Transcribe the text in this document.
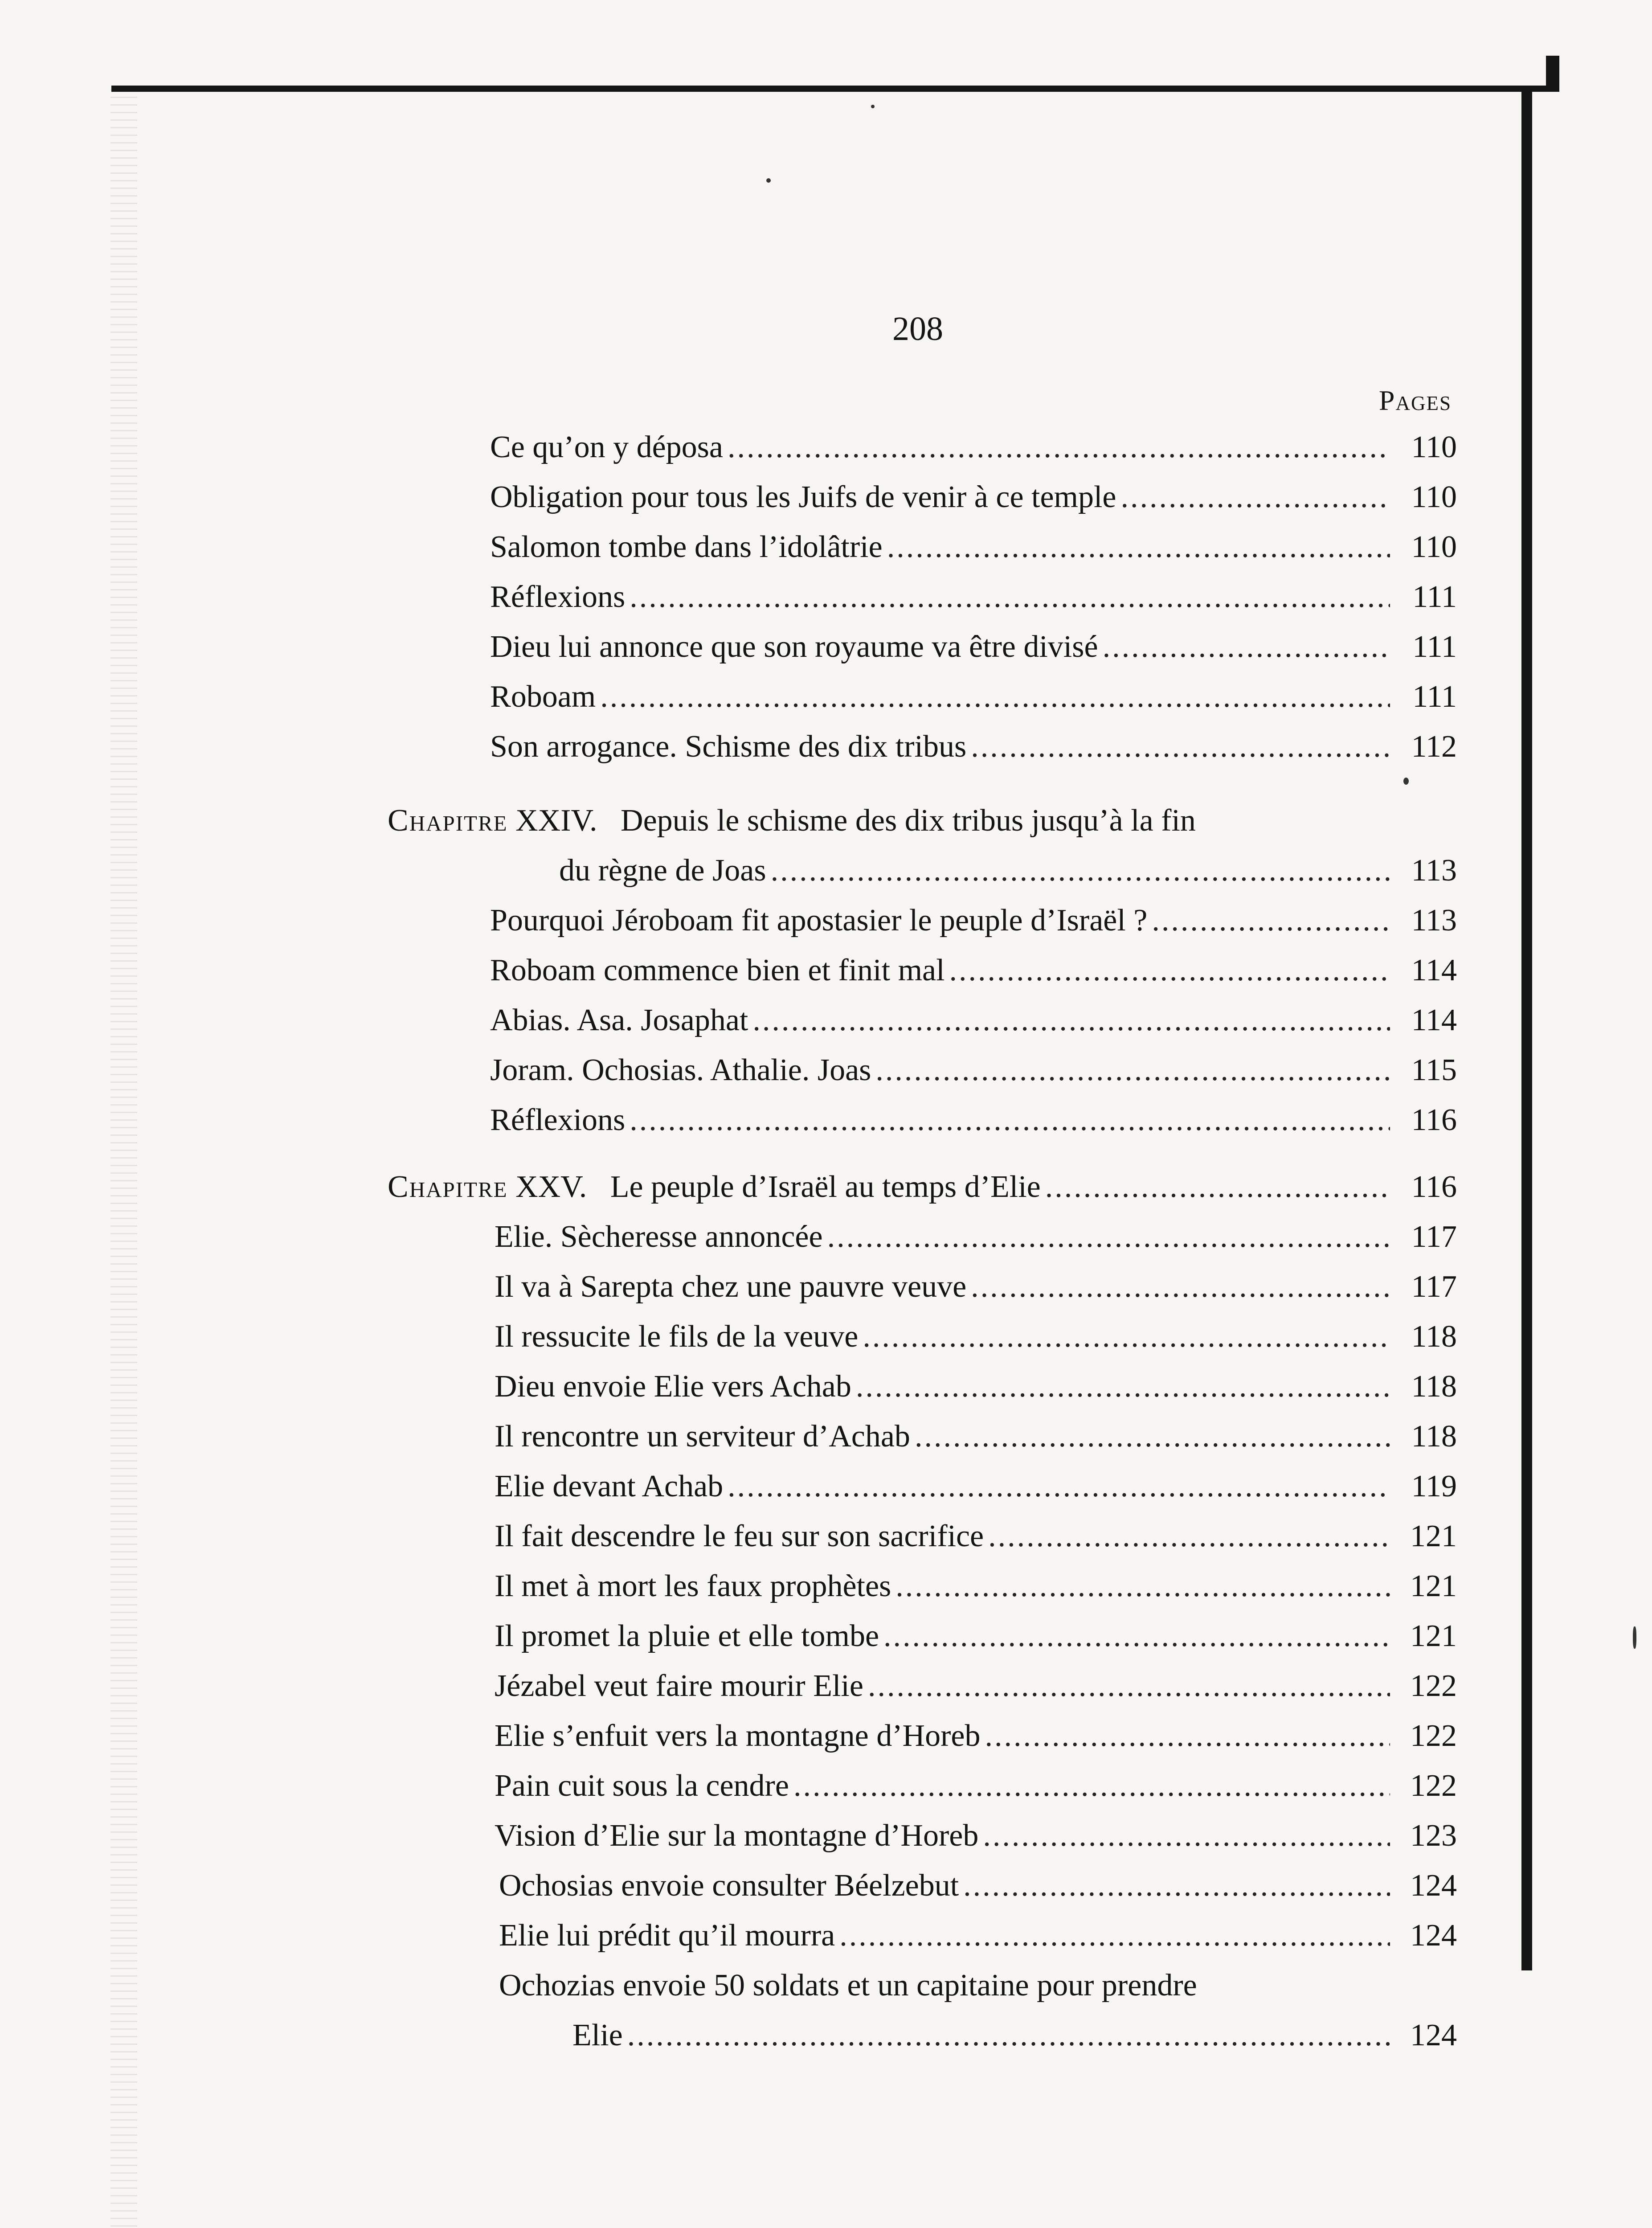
208
Pages
Ce qu’on y déposa .....	110
Obligation pour tous les Juifs de venir à ce temple .....	110
Salomon tombe dans l’idolâtrie .....	110
Réflexions .....	111
Dieu lui annonce que son royaume va être divisé .....	111
Roboam .....	111
Son arrogance. Schisme des dix tribus .....	112
Chapitre XXIV. Depuis le schisme des dix tribus jusqu’à la fin
du règne de Joas .....	113
Pourquoi Jéroboam fit apostasier le peuple d’Israël ? .....	113
Roboam commence bien et finit mal .....	114
Abias. Asa. Josaphat .....	114
Joram. Ochosias. Athalie. Joas .....	115
Réflexions .....	116
Chapitre XXV. Le peuple d’Israël au temps d’Elie .....	116
Elie. Sècheresse annoncée .....	117
Il va à Sarepta chez une pauvre veuve .....	117
Il ressucite le fils de la veuve .....	118
Dieu envoie Elie vers Achab .....	118
Il rencontre un serviteur d’Achab .....	118
Elie devant Achab .....	119
Il fait descendre le feu sur son sacrifice .....	121
Il met à mort les faux prophètes .....	121
Il promet la pluie et elle tombe .....	121
Jézabel veut faire mourir Elie .....	122
Elie s’enfuit vers la montagne d’Horeb .....	122
Pain cuit sous la cendre .....	122
Vision d’Elie sur la montagne d’Horeb .....	123
Ochosias envoie consulter Béelzebut .....	124
Elie lui prédit qu’il mourra .....	124
Ochozias envoie 50 soldats et un capitaine pour prendre
Elie .....	124
